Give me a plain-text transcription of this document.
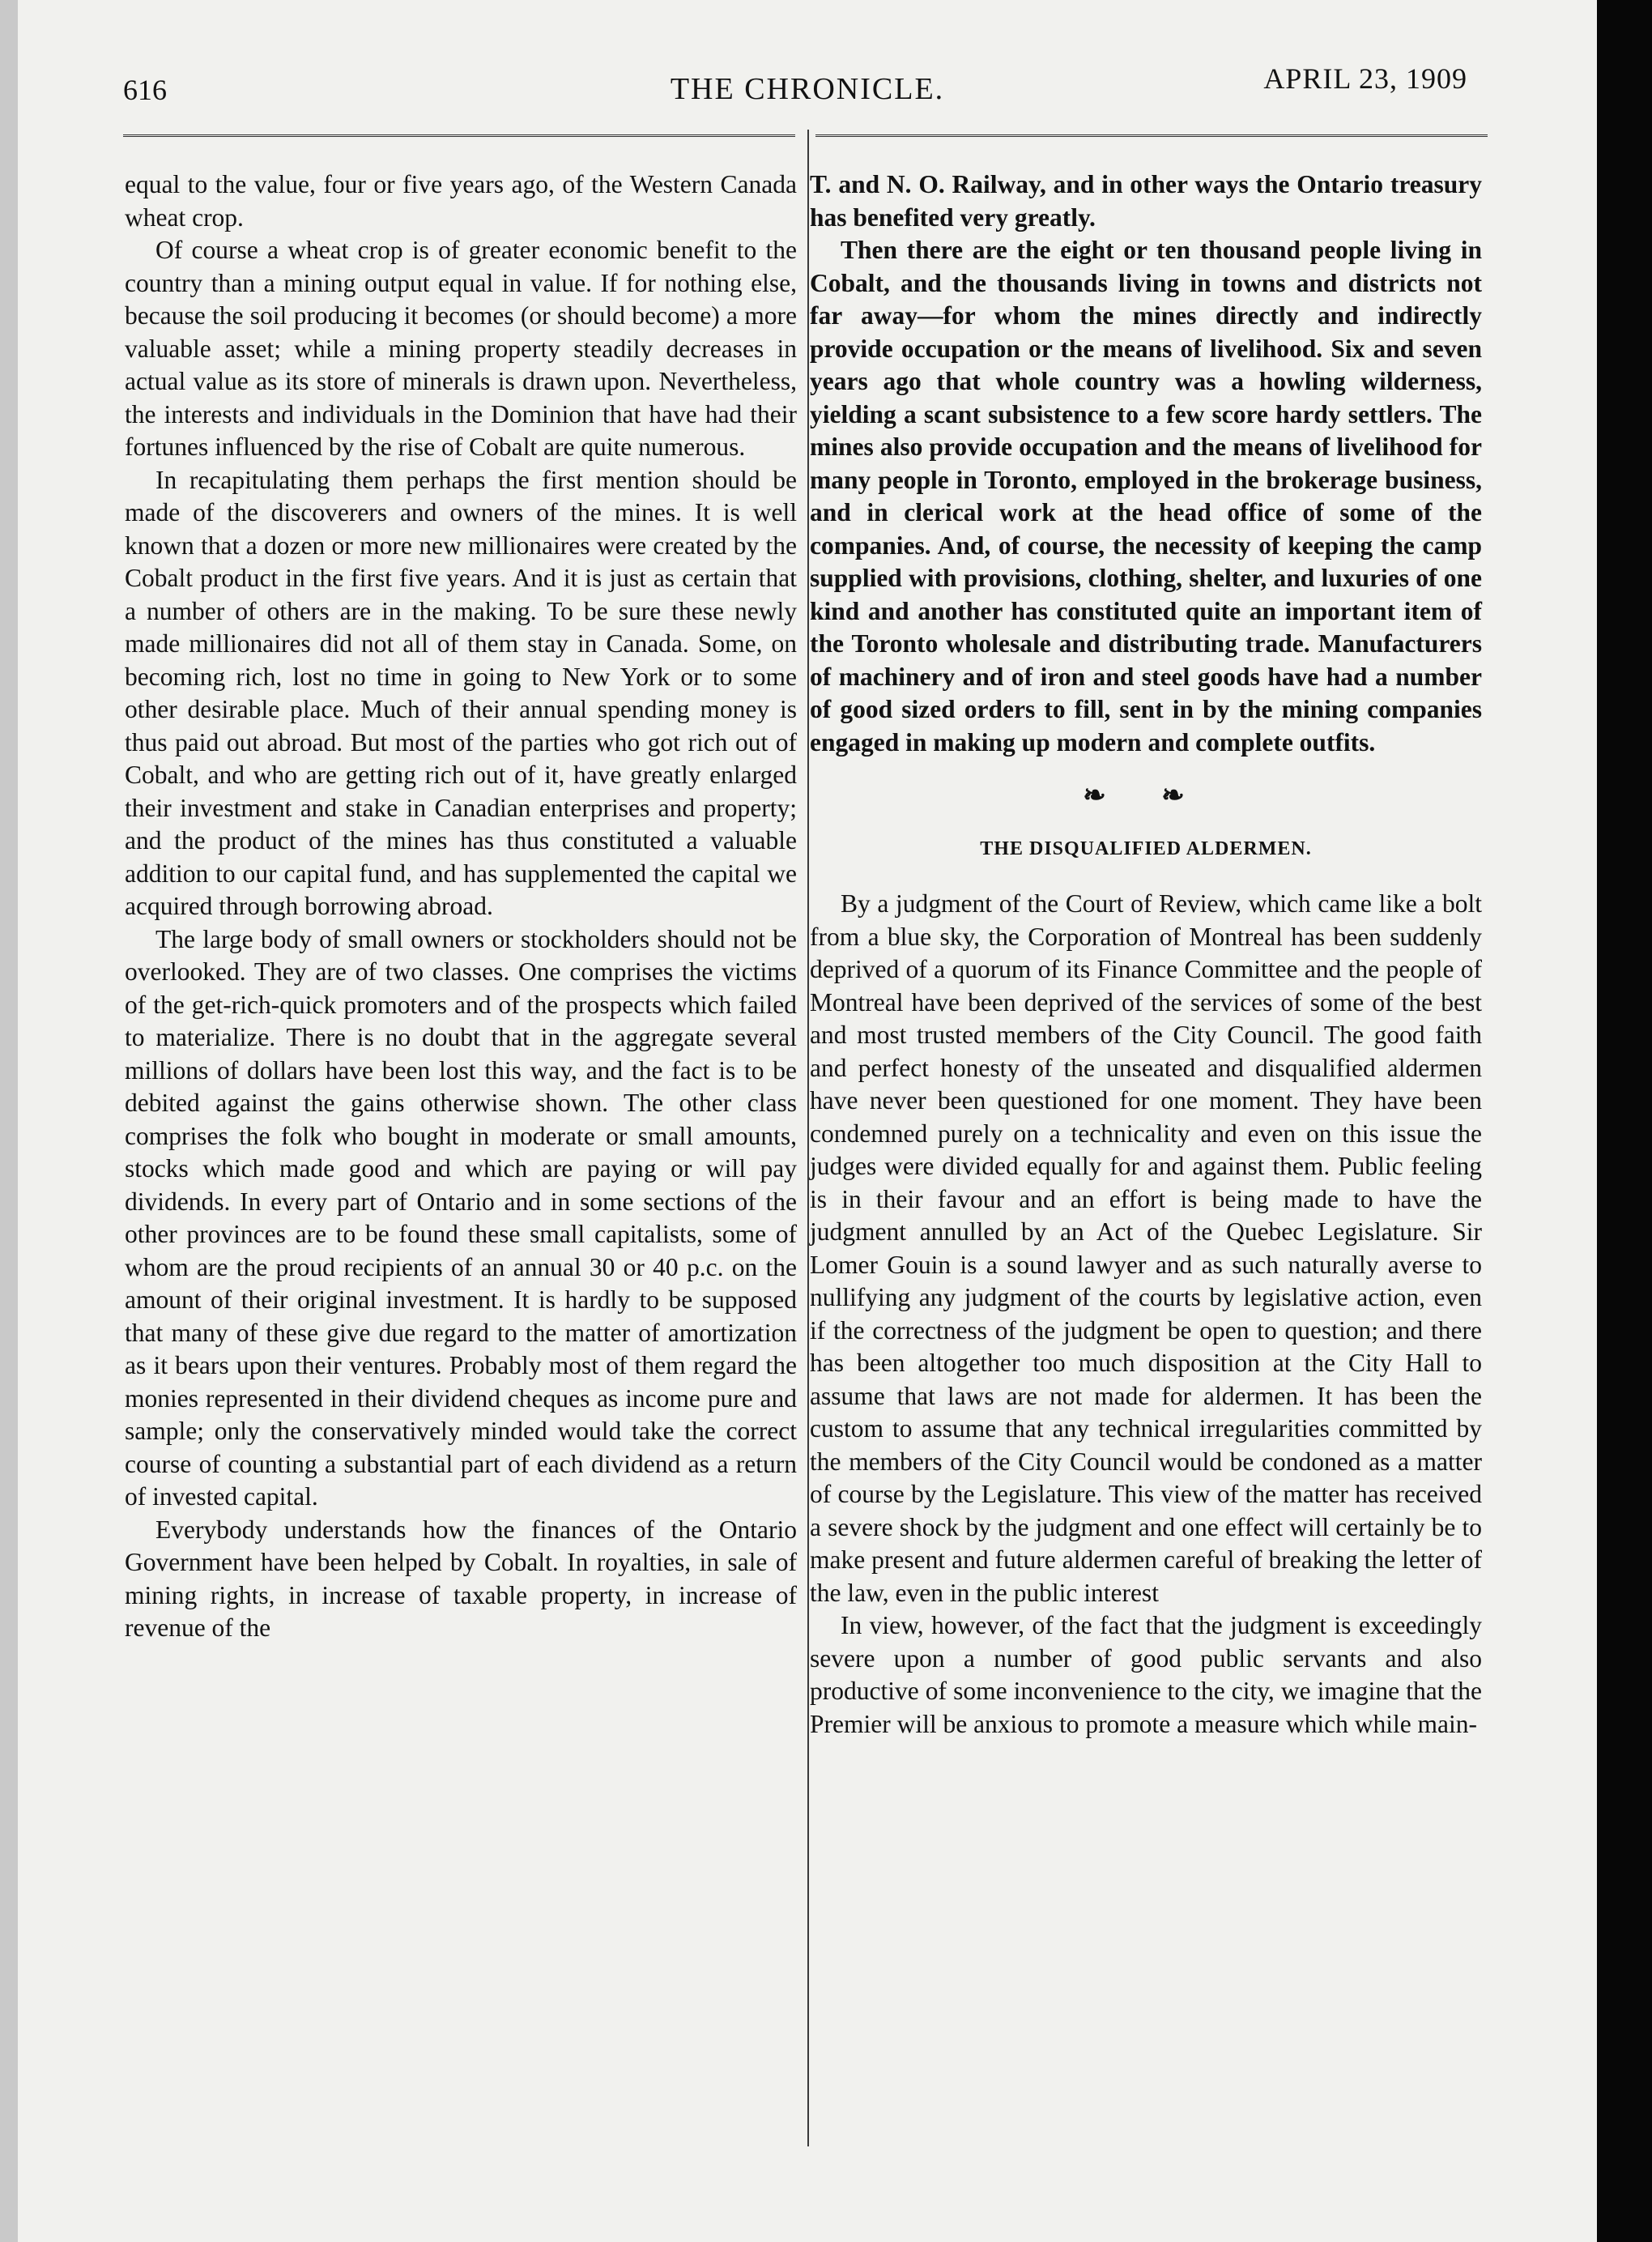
616	THE CHRONICLE.	APRIL 23, 1909

equal to the value, four or five years ago, of the Western Canada wheat crop.

Of course a wheat crop is of greater economic benefit to the country than a mining output equal in value. If for nothing else, because the soil producing it becomes (or should become) a more valuable asset; while a mining property steadily decreases in actual value as its store of minerals is drawn upon. Nevertheless, the interests and individuals in the Dominion that have had their fortunes influenced by the rise of Cobalt are quite numerous.

In recapitulating them perhaps the first mention should be made of the discoverers and owners of the mines. It is well known that a dozen or more new millionaires were created by the Cobalt product in the first five years. And it is just as certain that a number of others are in the making. To be sure these newly made millionaires did not all of them stay in Canada. Some, on becoming rich, lost no time in going to New York or to some other desirable place. Much of their annual spending money is thus paid out abroad. But most of the parties who got rich out of Cobalt, and who are getting rich out of it, have greatly enlarged their investment and stake in Canadian enterprises and property; and the product of the mines has thus constituted a valuable addition to our capital fund, and has supplemented the capital we acquired through borrowing abroad.

The large body of small owners or stockholders should not be overlooked. They are of two classes. One comprises the victims of the get-rich-quick promoters and of the prospects which failed to materialize. There is no doubt that in the aggregate several millions of dollars have been lost this way, and the fact is to be debited against the gains otherwise shown. The other class comprises the folk who bought in moderate or small amounts, stocks which made good and which are paying or will pay dividends. In every part of Ontario and in some sections of the other provinces are to be found these small capitalists, some of whom are the proud recipients of an annual 30 or 40 p.c. on the amount of their original investment. It is hardly to be supposed that many of these give due regard to the matter of amortization as it bears upon their ventures. Probably most of them regard the monies represented in their dividend cheques as income pure and sample; only the conservatively minded would take the correct course of counting a substantial part of each dividend as a return of invested capital.

Everybody understands how the finances of the Ontario Government have been helped by Cobalt. In royalties, in sale of mining rights, in increase of taxable property, in increase of revenue of the

T. and N. O. Railway, and in other ways the Ontario treasury has benefited very greatly.

Then there are the eight or ten thousand people living in Cobalt, and the thousands living in towns and districts not far away—for whom the mines directly and indirectly provide occupation or the means of livelihood. Six and seven years ago that whole country was a howling wilderness, yielding a scant subsistence to a few score hardy settlers. The mines also provide occupation and the means of livelihood for many people in Toronto, employed in the brokerage business, and in clerical work at the head office of some of the companies. And, of course, the necessity of keeping the camp supplied with provisions, clothing, shelter, and luxuries of one kind and another has constituted quite an important item of the Toronto wholesale and distributing trade. Manufacturers of machinery and of iron and steel goods have had a number of good sized orders to fill, sent in by the mining companies engaged in making up modern and complete outfits.

❧ ❧
THE DISQUALIFIED ALDERMEN.

By a judgment of the Court of Review, which came like a bolt from a blue sky, the Corporation of Montreal has been suddenly deprived of a quorum of its Finance Committee and the people of Montreal have been deprived of the services of some of the best and most trusted members of the City Council. The good faith and perfect honesty of the unseated and disqualified aldermen have never been questioned for one moment. They have been condemned purely on a technicality and even on this issue the judges were divided equally for and against them. Public feeling is in their favour and an effort is being made to have the judgment annulled by an Act of the Quebec Legislature. Sir Lomer Gouin is a sound lawyer and as such naturally averse to nullifying any judgment of the courts by legislative action, even if the correctness of the judgment be open to question; and there has been altogether too much disposition at the City Hall to assume that laws are not made for aldermen. It has been the custom to assume that any technical irregularities committed by the members of the City Council would be condoned as a matter of course by the Legislature. This view of the matter has received a severe shock by the judgment and one effect will certainly be to make present and future aldermen careful of breaking the letter of the law, even in the public interest

In view, however, of the fact that the judgment is exceedingly severe upon a number of good public servants and also productive of some inconvenience to the city, we imagine that the Premier will be anxious to promote a measure which while main-
